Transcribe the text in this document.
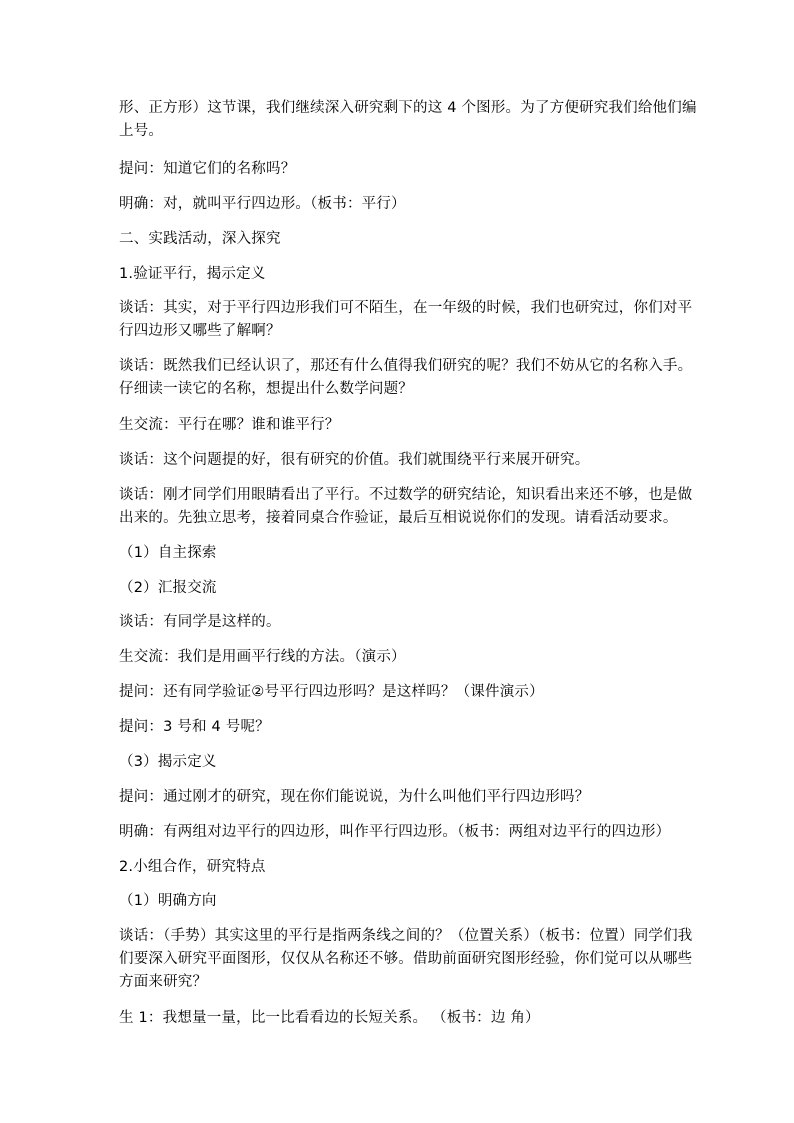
形、正方形）这节课，我们继续深入研究剩下的这 4 个图形。为了方便研究我们给他们编
上号。
提问：知道它们的名称吗？
明确：对，就叫平行四边形。（板书：平行）
二、实践活动，深入探究
1.验证平行，揭示定义
谈话：其实，对于平行四边形我们可不陌生，在一年级的时候，我们也研究过，你们对平
行四边形又哪些了解啊？
谈话：既然我们已经认识了，那还有什么值得我们研究的呢？我们不妨从它的名称入手。
仔细读一读它的名称，想提出什么数学问题？
生交流：平行在哪？谁和谁平行？
谈话：这个问题提的好，很有研究的价值。我们就围绕平行来展开研究。
谈话：刚才同学们用眼睛看出了平行。不过数学的研究结论，知识看出来还不够，也是做
出来的。先独立思考，接着同桌合作验证，最后互相说说你们的发现。请看活动要求。
（1）自主探索
（2）汇报交流
谈话：有同学是这样的。
生交流：我们是用画平行线的方法。（演示）
提问：还有同学验证②号平行四边形吗？是这样吗？（课件演示）
提问：3 号和 4 号呢？
（3）揭示定义
提问：通过刚才的研究，现在你们能说说，为什么叫他们平行四边形吗？
明确：有两组对边平行的四边形，叫作平行四边形。（板书：两组对边平行的四边形）
2.小组合作，研究特点
（1）明确方向
谈话：（手势）其实这里的平行是指两条线之间的？（位置关系）（板书：位置）同学们我
们要深入研究平面图形，仅仅从名称还不够。借助前面研究图形经验，你们觉可以从哪些
方面来研究？
生 1：我想量一量，比一比看看边的长短关系。 （板书：边 角）
